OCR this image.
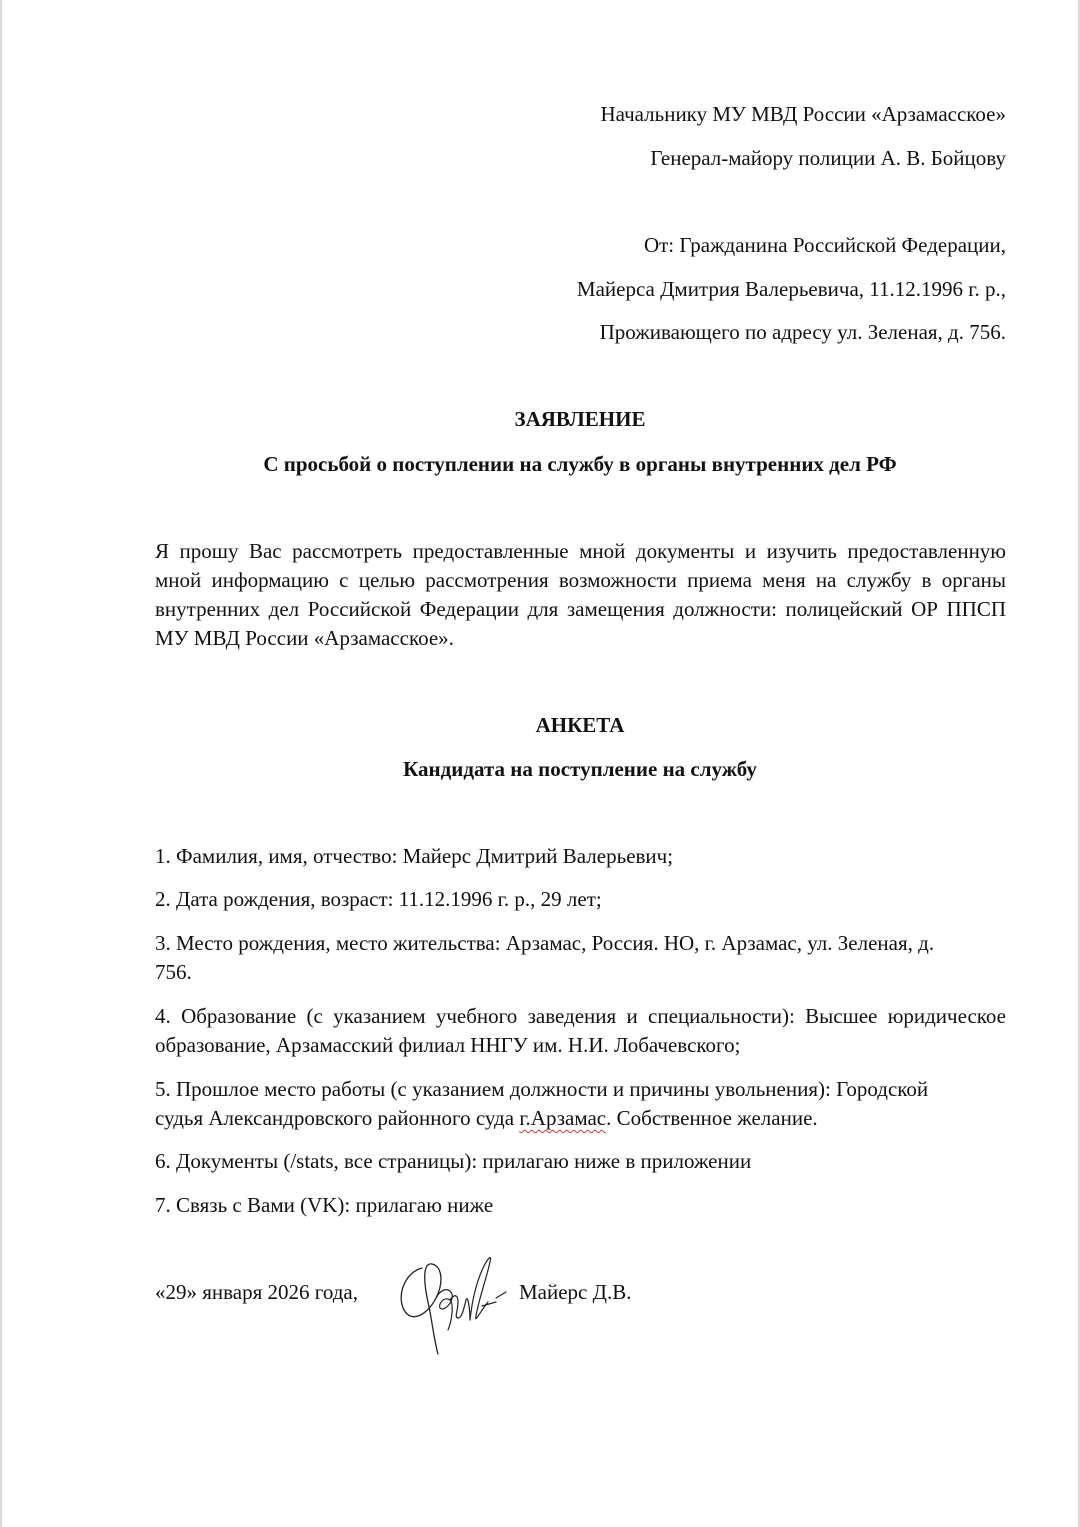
Начальнику МУ МВД России «Арзамасское»
Генерал-майору полиции А. В. Бойцову
От: Гражданина Российской Федерации,
Майерса Дмитрия Валерьевича, 11.12.1996 г. р.,
Проживающего по адресу ул. Зеленая, д. 756.
ЗАЯВЛЕНИЕ
С просьбой о поступлении на службу в органы внутренних дел РФ
Я прошу Вас рассмотреть предоставленные мной документы и изучить предоставленную мной информацию с целью рассмотрения возможности приема меня на службу в органы внутренних дел Российской Федерации для замещения должности: полицейский ОР ППСП МУ МВД России «Арзамасское».
АНКЕТА
Кандидата на поступление на службу
1. Фамилия, имя, отчество: Майерс Дмитрий Валерьевич;
2. Дата рождения, возраст: 11.12.1996 г. р., 29 лет;
3. Место рождения, место жительства: Арзамас, Россия. НО, г. Арзамас, ул. Зеленая, д. 756.
4. Образование (с указанием учебного заведения и специальности): Высшее юридическое образование, Арзамасский филиал ННГУ им. Н.И. Лобачевского;
5. Прошлое место работы (с указанием должности и причины увольнения): Городской судья Александровского районного суда г.Арзамас. Собственное желание.
6. Документы (/stats, все страницы): прилагаю ниже в приложении
7. Связь с Вами (VK): прилагаю ниже
«29» января 2026 года,	Майерс Д.В.
